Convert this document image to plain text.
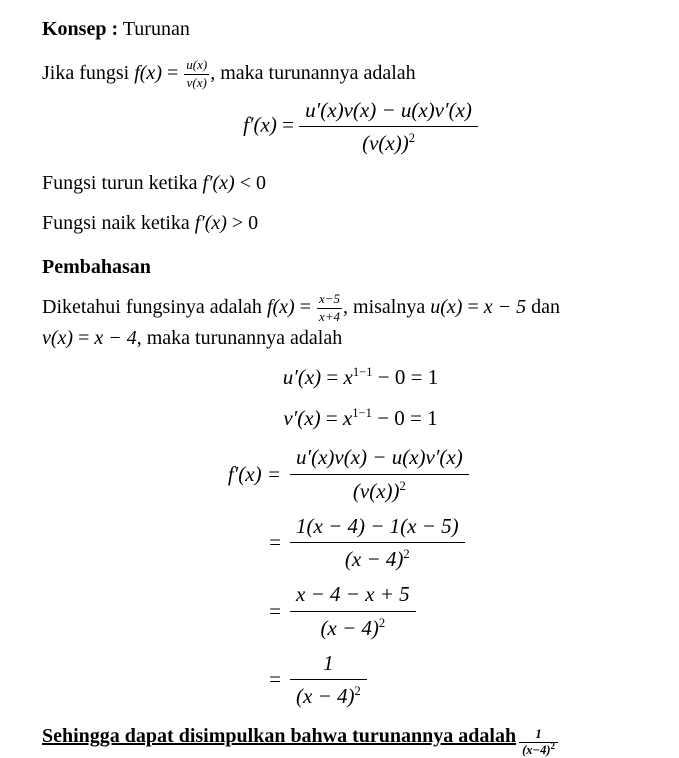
Konsep : Turunan
Jika fungsi $f(x) = \frac{u(x)}{v(x)}$ , maka turunannya adalah
$f'(x) = \frac{u'(x)v(x) - u(x)v'(x)}{(v(x))^2}$
Fungsi turun ketika f′(x) < 0
Fungsi naik ketika f′(x) > 0
Pembahasan
Diketahui fungsinya adalah $f(x) = \frac{x-5}{x+4}$ , misalnya u(x) = x − 5 dan
v(x) = x − 4, maka turunannya adalah
$u'(x) = x^{1-1} - 0 = 1$
$v'(x) = x^{1-1} - 0 = 1$
$f'(x) = \frac{u'(x)v(x) - u(x)v'(x)}{(v(x))^2}$
= $\frac{1(x - 4) - 1(x - 5)}{(x - 4)^2}$
= $\frac{x - 4 - x + 5}{(x - 4)^2}$
= $\frac{1}{(x - 4)^2}$
Sehingga dapat disimpulkan bahwa turunannya adalah $\frac{1}{(x-4)^2}$
